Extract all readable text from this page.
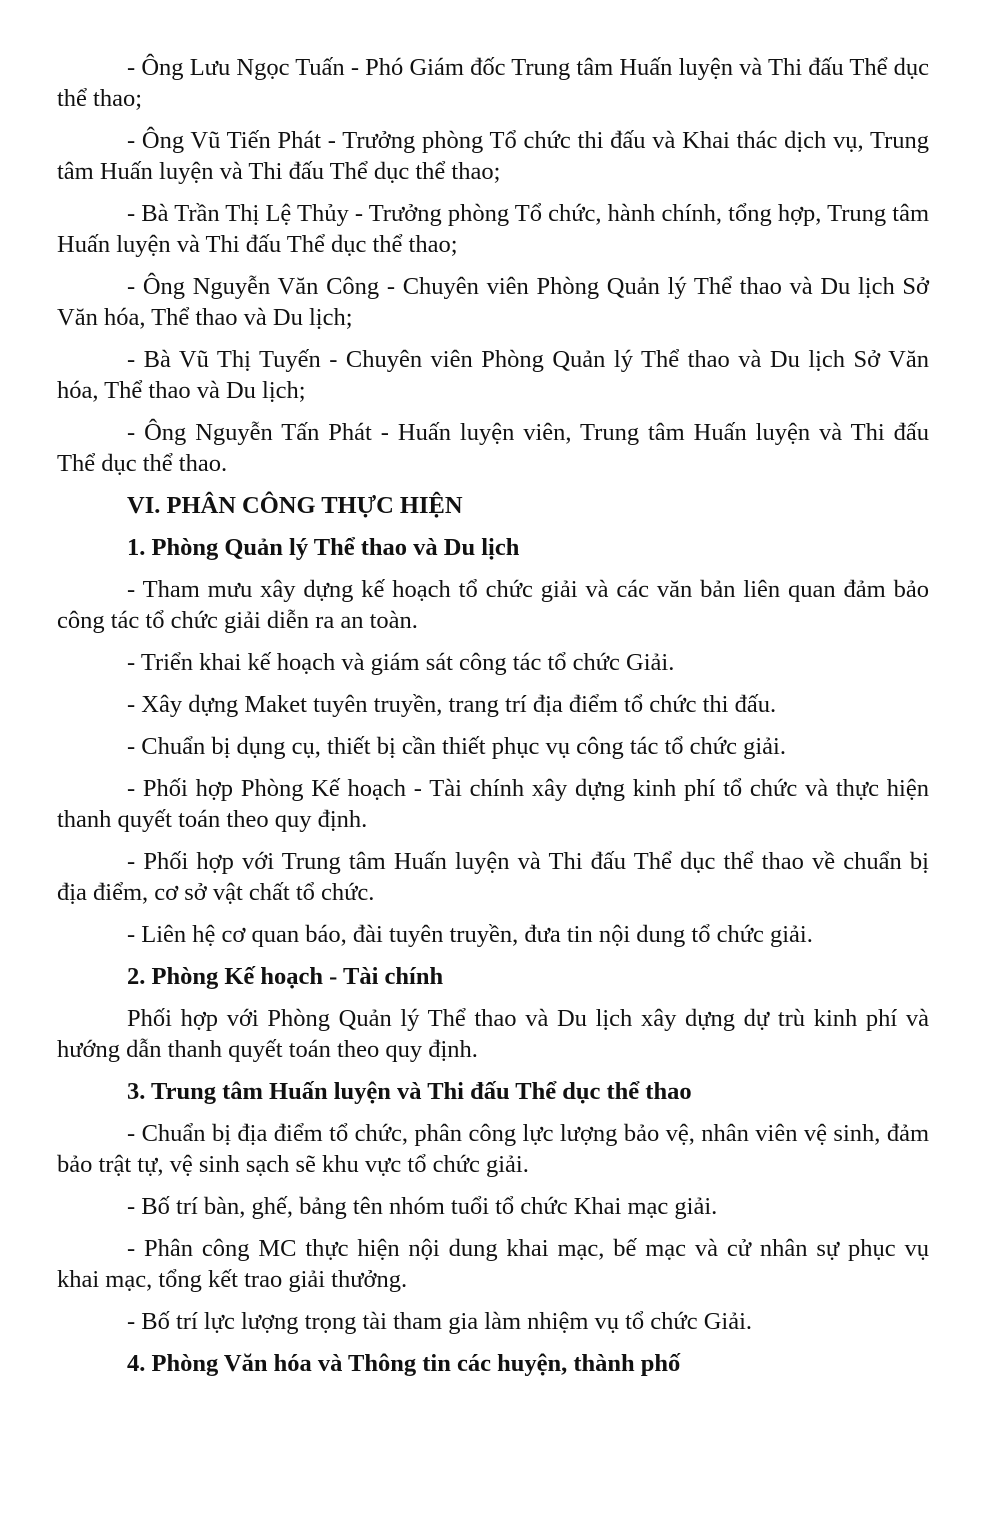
- Ông Lưu Ngọc Tuấn - Phó Giám đốc Trung tâm Huấn luyện và Thi đấu Thể dục thể thao;

- Ông Vũ Tiến Phát - Trưởng phòng Tổ chức thi đấu và Khai thác dịch vụ, Trung tâm Huấn luyện và Thi đấu Thể dục thể thao;

- Bà Trần Thị Lệ Thủy - Trưởng phòng Tổ chức, hành chính, tổng hợp, Trung tâm Huấn luyện và Thi đấu Thể dục thể thao;

- Ông Nguyễn Văn Công - Chuyên viên Phòng Quản lý Thể thao và Du lịch Sở Văn hóa, Thể thao và Du lịch;

- Bà Vũ Thị Tuyến - Chuyên viên Phòng Quản lý Thể thao và Du lịch Sở Văn hóa, Thể thao và Du lịch;

- Ông Nguyễn Tấn Phát - Huấn luyện viên, Trung tâm Huấn luyện và Thi đấu Thể dục thể thao.

VI. PHÂN CÔNG THỰC HIỆN

1. Phòng Quản lý Thể thao và Du lịch

- Tham mưu xây dựng kế hoạch tổ chức giải và các văn bản liên quan đảm bảo công tác tổ chức giải diễn ra an toàn.

- Triển khai kế hoạch và giám sát công tác tổ chức Giải.

- Xây dựng Maket tuyên truyền, trang trí địa điểm tổ chức thi đấu.

- Chuẩn bị dụng cụ, thiết bị cần thiết phục vụ công tác tổ chức giải.

- Phối hợp Phòng Kế hoạch - Tài chính xây dựng kinh phí tổ chức và thực hiện thanh quyết toán theo quy định.

- Phối hợp với Trung tâm Huấn luyện và Thi đấu Thể dục thể thao về chuẩn bị địa điểm, cơ sở vật chất tổ chức.

- Liên hệ cơ quan báo, đài tuyên truyền, đưa tin nội dung tổ chức giải.

2. Phòng Kế hoạch - Tài chính

Phối hợp với Phòng Quản lý Thể thao và Du lịch xây dựng dự trù kinh phí và hướng dẫn thanh quyết toán theo quy định.

3. Trung tâm Huấn luyện và Thi đấu Thể dục thể thao

- Chuẩn bị địa điểm tổ chức, phân công lực lượng bảo vệ, nhân viên vệ sinh, đảm bảo trật tự, vệ sinh sạch sẽ khu vực tổ chức giải.

- Bố trí bàn, ghế, bảng tên nhóm tuổi tổ chức Khai mạc giải.

- Phân công MC thực hiện nội dung khai mạc, bế mạc và cử nhân sự phục vụ khai mạc, tổng kết trao giải thưởng.

- Bố trí lực lượng trọng tài tham gia làm nhiệm vụ tổ chức Giải.

4. Phòng Văn hóa và Thông tin các huyện, thành phố
